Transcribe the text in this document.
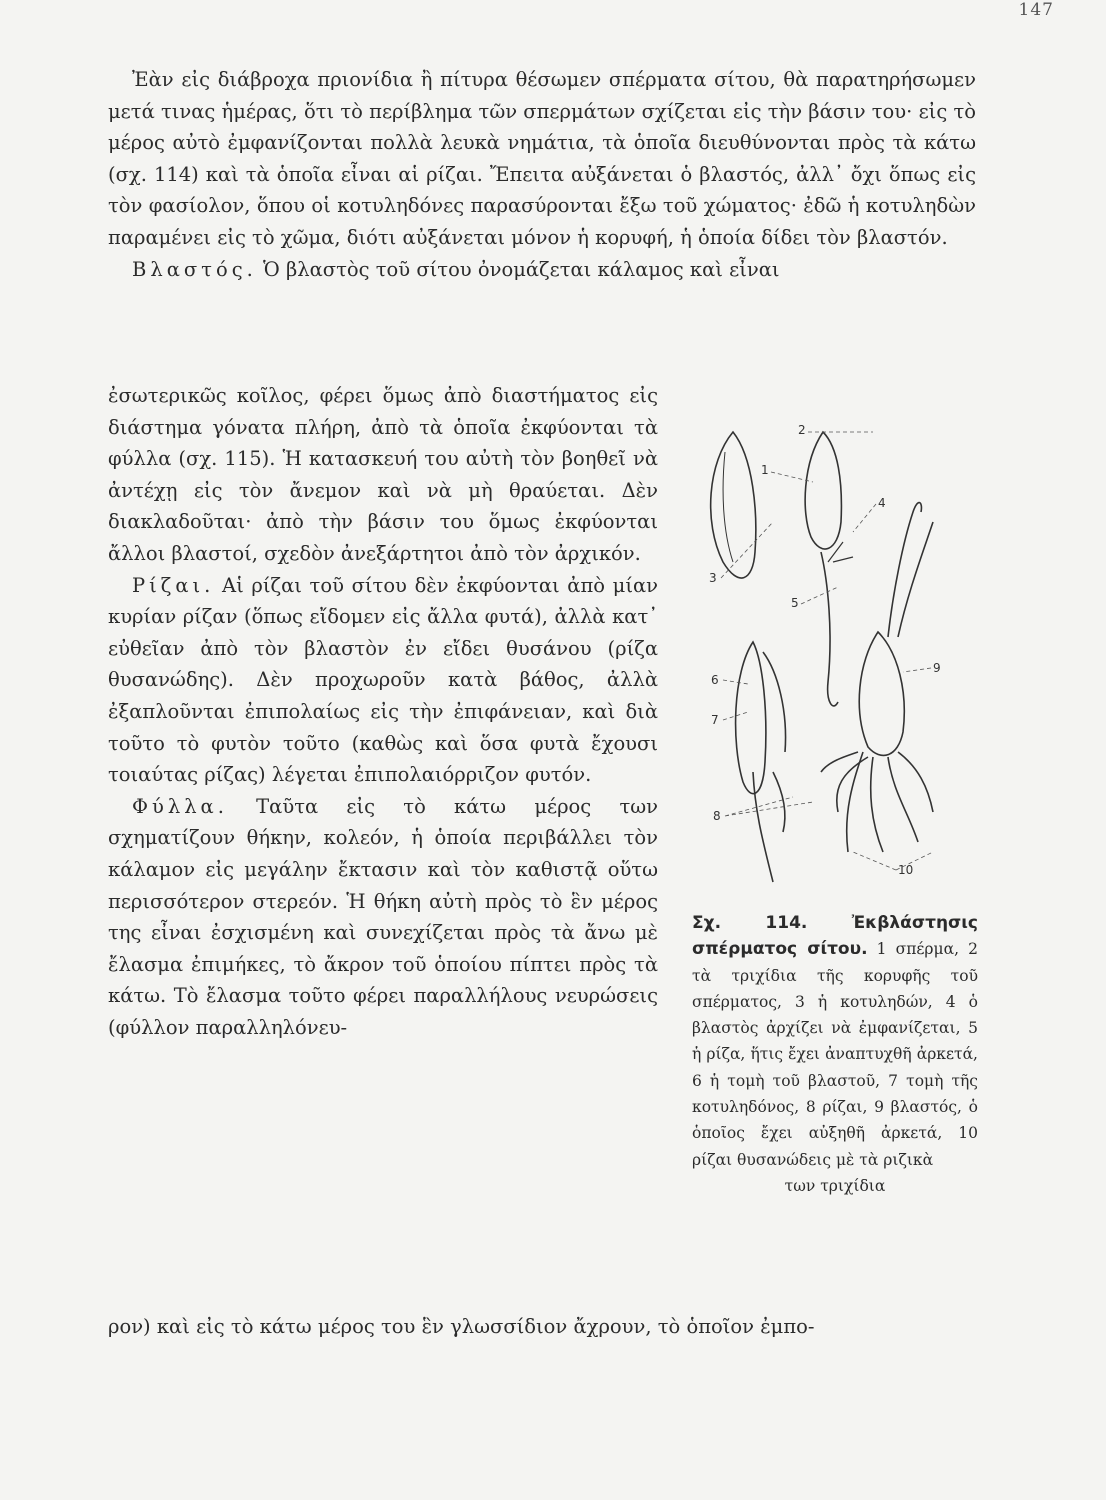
147

Ἐὰν εἰς διάβροχα πριονίδια ἢ πίτυρα θέσωμεν σπέρματα σίτου, θὰ παρατηρήσωμεν μετά τινας ἡμέρας, ὅτι τὸ περίβλημα τῶν σπερμάτων σχίζεται εἰς τὴν βάσιν του· εἰς τὸ μέρος αὐτὸ ἐμφανίζονται πολλὰ λευκὰ νημάτια, τὰ ὁποῖα διευθύνονται πρὸς τὰ κάτω (σχ. 114) καὶ τὰ ὁποῖα εἶναι αἱ ρίζαι. Ἔπειτα αὐξάνεται ὁ βλαστός, ἀλλ᾽ ὄχι ὅπως εἰς τὸν φασίολον, ὅπου οἱ κοτυληδόνες παρασύρονται ἔξω τοῦ χώματος· ἐδῶ ἡ κοτυληδὼν παραμένει εἰς τὸ χῶμα, διότι αὐξάνεται μόνον ἡ κορυφή, ἡ ὁποία δίδει τὸν βλαστόν.

Βλαστός. Ὁ βλαστὸς τοῦ σίτου ὀνομάζεται κάλαμος καὶ εἶναι

ἐσωτερικῶς κοῖλος, φέρει ὅμως ἀπὸ διαστήματος εἰς διάστημα γόνατα πλήρη, ἀπὸ τὰ ὁποῖα ἐκφύονται τὰ φύλλα (σχ. 115). Ἡ κατασκευή του αὐτὴ τὸν βοηθεῖ νὰ ἀντέχῃ εἰς τὸν ἄνεμον καὶ νὰ μὴ θραύεται. Δὲν διακλαδοῦται· ἀπὸ τὴν βάσιν του ὅμως ἐκφύονται ἄλλοι βλαστοί, σχεδὸν ἀνεξάρτητοι ἀπὸ τὸν ἀρχικόν.

Ρίζαι. Αἱ ρίζαι τοῦ σίτου δὲν ἐκφύονται ἀπὸ μίαν κυρίαν ρίζαν (ὅπως εἴδομεν εἰς ἄλλα φυτά), ἀλλὰ κατ᾽ εὐθεῖαν ἀπὸ τὸν βλαστὸν ἐν εἴδει θυσάνου (ρίζα θυσανώδης). Δὲν προχωροῦν κατὰ βάθος, ἀλλὰ ἐξαπλοῦνται ἐπιπολαίως εἰς τὴν ἐπιφάνειαν, καὶ διὰ τοῦτο τὸ φυτὸν τοῦτο (καθὼς καὶ ὅσα φυτὰ ἔχουσι τοιαύτας ρίζας) λέγεται ἐπιπολαιόρριζον φυτόν.

Φύλλα. Ταῦτα εἰς τὸ κάτω μέρος των σχηματίζουν θήκην, κολεόν, ἡ ὁποία περιβάλλει τὸν κάλαμον εἰς μεγάλην ἔκτασιν καὶ τὸν καθιστᾷ οὕτω περισσότερον στερεόν. Ἡ θήκη αὐτὴ πρὸς τὸ ἓν μέρος της εἶναι ἐσχισμένη καὶ συνεχίζεται πρὸς τὰ ἄνω μὲ ἔλασμα ἐπιμήκες, τὸ ἄκρον τοῦ ὁποίου πίπτει πρὸς τὰ κάτω. Τὸ ἔλασμα τοῦτο φέρει παραλλήλους νευρώσεις (φύλλον παραλληλόνευ-

ρον) καὶ εἰς τὸ κάτω μέρος του ἓν γλωσσίδιον ἄχρουν, τὸ ὁποῖον ἐμπο-
1
2
3
4
5
6
7
8
9
10

Σχ. 114. Ἐκβλάστησις σπέρματος σίτου. 1 σπέρμα, 2 τὰ τριχίδια τῆς κορυφῆς τοῦ σπέρματος, 3 ἡ κοτυληδών, 4 ὁ βλαστὸς ἀρχίζει νὰ ἐμφανίζεται, 5 ἡ ρίζα, ἥτις ἔχει ἀναπτυχθῆ ἀρκετά, 6 ἡ τομὴ τοῦ βλαστοῦ, 7 τομὴ τῆς κοτυληδόνος, 8 ρίζαι, 9 βλαστός, ὁ ὁποῖος ἔχει αὐξηθῆ ἀρκετά, 10 ρίζαι θυσανώδεις μὲ τὰ ριζικὰ

των τριχίδια
